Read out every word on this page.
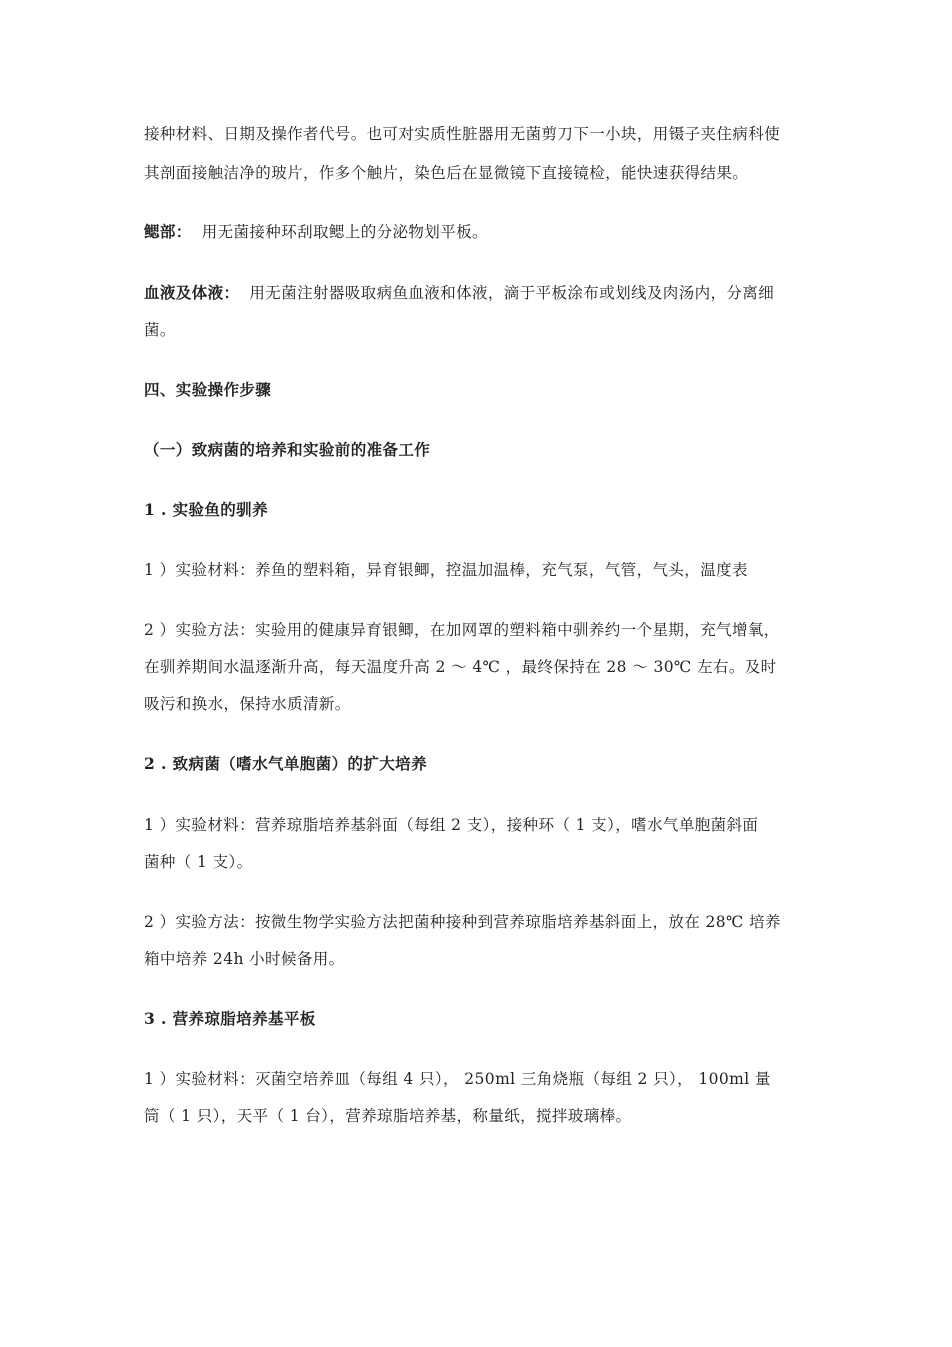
接种材料、日期及操作者代号。也可对实质性脏器用无菌剪刀下一小块，用镊子夹住病科使
其剖面接触洁净的玻片，作多个触片，染色后在显微镜下直接镜检，能快速获得结果。
鳃部： 用无菌接种环刮取鳃上的分泌物划平板。
血液及体液： 用无菌注射器吸取病鱼血液和体液，滴于平板涂布或划线及肉汤内，分离细
菌。
四、实验操作步骤
（一）致病菌的培养和实验前的准备工作
1 . 实验鱼的驯养
1 ）实验材料：养鱼的塑料箱，异育银鲫，控温加温棒，充气泵，气管，气头，温度表
2 ）实验方法：实验用的健康异育银鲫，在加网罩的塑料箱中驯养约一个星期，充气增氧，
在驯养期间水温逐渐升高，每天温度升高 2 ～ 4℃ ，最终保持在 28 ～ 30℃ 左右。及时
吸污和换水，保持水质清新。
2 . 致病菌（嗜水气单胞菌）的扩大培养
1 ）实验材料：营养琼脂培养基斜面（每组 2 支），接种环（ 1 支），嗜水气单胞菌斜面
菌种（ 1 支）。
2 ）实验方法：按微生物学实验方法把菌种接种到营养琼脂培养基斜面上，放在 28℃ 培养
箱中培养 24h 小时候备用。
3 . 营养琼脂培养基平板
1 ）实验材料：灭菌空培养皿（每组 4 只）， 250ml 三角烧瓶（每组 2 只）， 100ml 量
筒（ 1 只），天平（ 1 台），营养琼脂培养基，称量纸，搅拌玻璃棒。
